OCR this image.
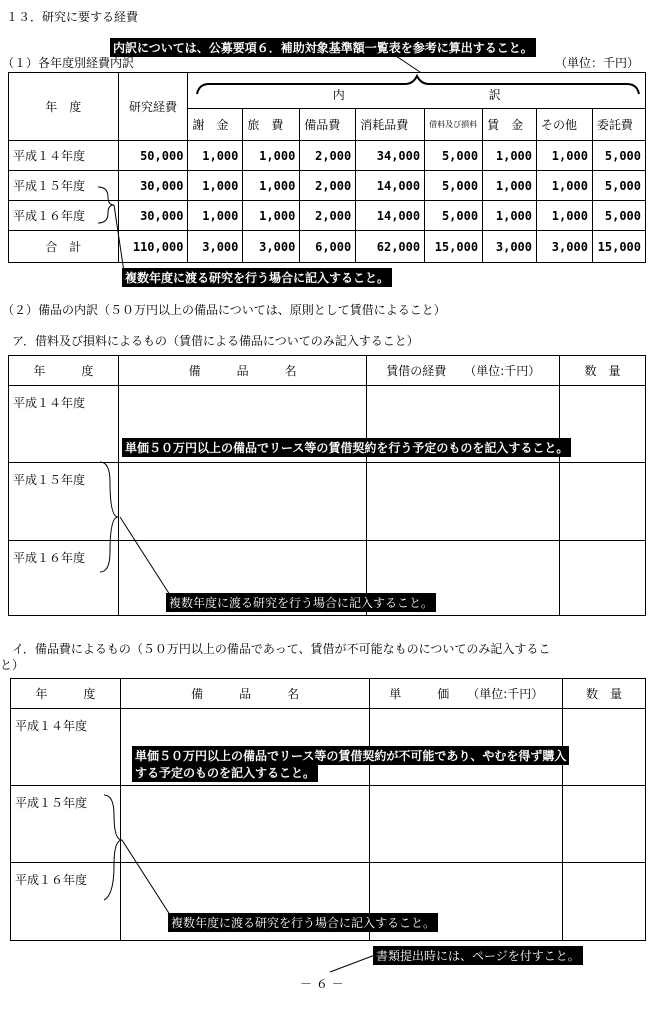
１３．研究に要する経費
内訳については、公募要項６．補助対象基準額一覧表を参考に算出すること。
（１）各年度別経費内訳	（単位：千円）
年　度	研究経費	内　　　　　　　　　　　　訳							
		謝　金	旅　費	備品費	消耗品費	借料及び損料	賃　金	その他	委託費
平成１４年度	50,000	1,000	1,000	2,000	34,000	5,000	1,000	1,000	5,000
平成１５年度	30,000	1,000	1,000	2,000	14,000	5,000	1,000	1,000	5,000
平成１６年度	30,000	1,000	1,000	2,000	14,000	5,000	1,000	1,000	5,000
合　計	110,000	3,000	3,000	6,000	62,000	15,000	3,000	3,000	15,000
複数年度に渡る研究を行う場合に記入すること。
（２）備品の内訳（５０万円以上の備品については、原則として賃借によること）
ア．借料及び損料によるもの（賃借による備品についてのみ記入すること）
年　　　度	備　　　品　　　名	賃借の経費　　（単位:千円）	数　量
平成１４年度			
平成１５年度			
平成１６年度			
単価５０万円以上の備品でリース等の賃借契約を行う予定のものを記入すること。
複数年度に渡る研究を行う場合に記入すること。
イ．備品費によるもの（５０万円以上の備品であって、賃借が不可能なものについてのみ記入するこ
と）
年　　　度	備　　　品　　　名	単　　　価　　（単位:千円）	数　量
平成１４年度			
平成１５年度			
平成１６年度			
単価５０万円以上の備品でリース等の賃借契約が不可能であり、やむを得ず購入
する予定のものを記入すること。
複数年度に渡る研究を行う場合に記入すること。
書類提出時には、ページを付すこと。
－ ６ －
